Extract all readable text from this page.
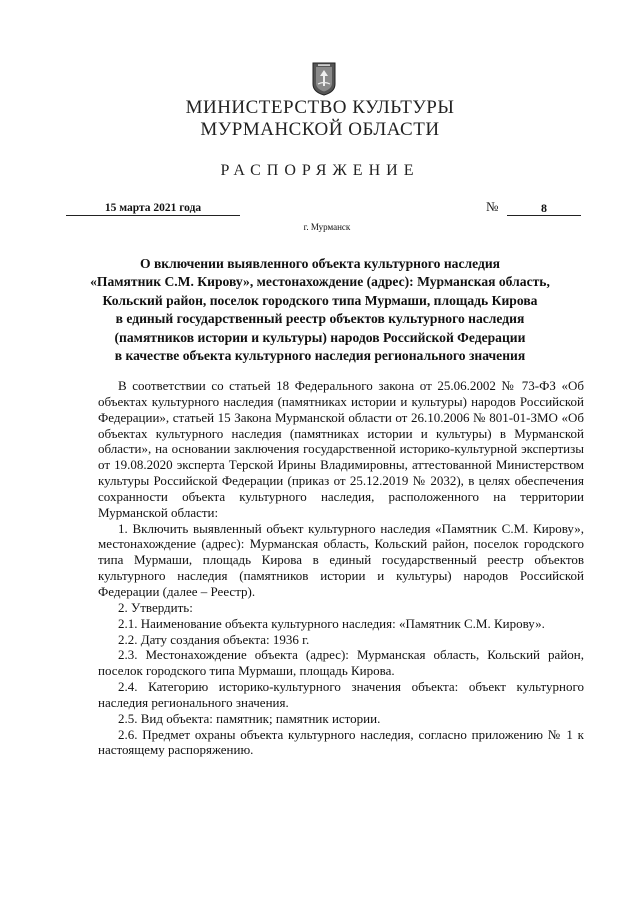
МИНИСТЕРСТВО КУЛЬТУРЫ
МУРМАНСКОЙ ОБЛАСТИ
РАСПОРЯЖЕНИЕ
15 марта 2021 года	№	8
г. Мурманск
О включении выявленного объекта культурного наследия
«Памятник С.М. Кирову», местонахождение (адрес): Мурманская область,
Кольский район, поселок городского типа Мурмаши, площадь Кирова
в единый государственный реестр объектов культурного наследия
(памятников истории и культуры) народов Российской Федерации
в качестве объекта культурного наследия регионального значения

В соответствии со статьей 18 Федерального закона от 25.06.2002 № 73-ФЗ «Об объектах культурного наследия (памятниках истории и культуры) народов Российской Федерации», статьей 15 Закона Мурманской области от 26.10.2006 № 801-01-ЗМО «Об объектах культурного наследия (памятниках истории и культуры) в Мурманской области», на основании заключения государственной историко-культурной экспертизы от 19.08.2020 эксперта Терской Ирины Владимировны, аттестованной Министерством культуры Российской Федерации (приказ от 25.12.2019 № 2032), в целях обеспечения сохранности объекта культурного наследия, расположенного на территории Мурманской области:

1. Включить выявленный объект культурного наследия «Памятник С.М. Кирову», местонахождение (адрес): Мурманская область, Кольский район, поселок городского типа Мурмаши, площадь Кирова в единый государственный реестр объектов культурного наследия (памятников истории и культуры) народов Российской Федерации (далее – Реестр).

2. Утвердить:

2.1. Наименование объекта культурного наследия: «Памятник С.М. Кирову».

2.2. Дату создания объекта: 1936 г.

2.3. Местонахождение объекта (адрес): Мурманская область, Кольский район, поселок городского типа Мурмаши, площадь Кирова.

2.4. Категорию историко-культурного значения объекта: объект культурного наследия регионального значения.

2.5. Вид объекта: памятник; памятник истории.

2.6. Предмет охраны объекта культурного наследия, согласно приложению № 1 к настоящему распоряжению.
